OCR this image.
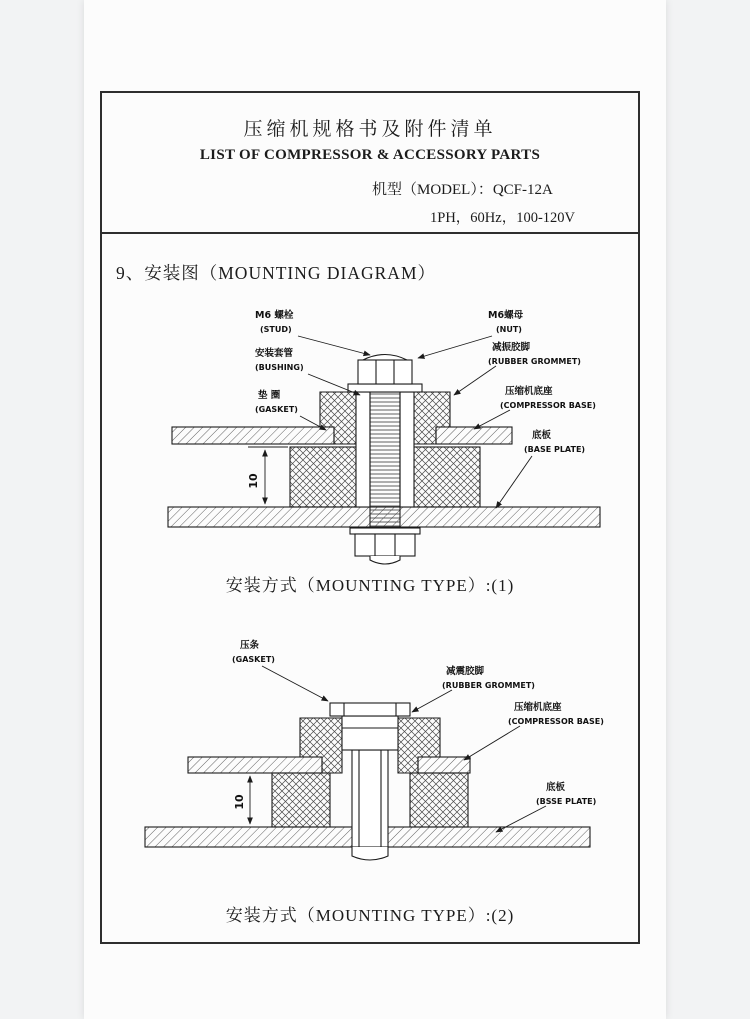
压缩机规格书及附件清单
LIST OF COMPRESSOR & ACCESSORY PARTS
机型（MODEL）：QCF-12A
1PH，60Hz，100-120V
9、安装图（MOUNTING DIAGRAM）
10
M6 螺栓
(STUD)
安装套管
(BUSHING)
垫 圈
(GASKET)
M6螺母
(NUT)
减振胶脚
(RUBBER GROMMET)
压缩机底座
(COMPRESSOR BASE)
底板
(BASE PLATE)
安装方式（MOUNTING TYPE）:(1)
10
压条
(GASKET)
减震胶脚
(RUBBER GROMMET)
压缩机底座
(COMPRESSOR BASE)
底板
(BSSE PLATE)
安装方式（MOUNTING TYPE）:(2)
